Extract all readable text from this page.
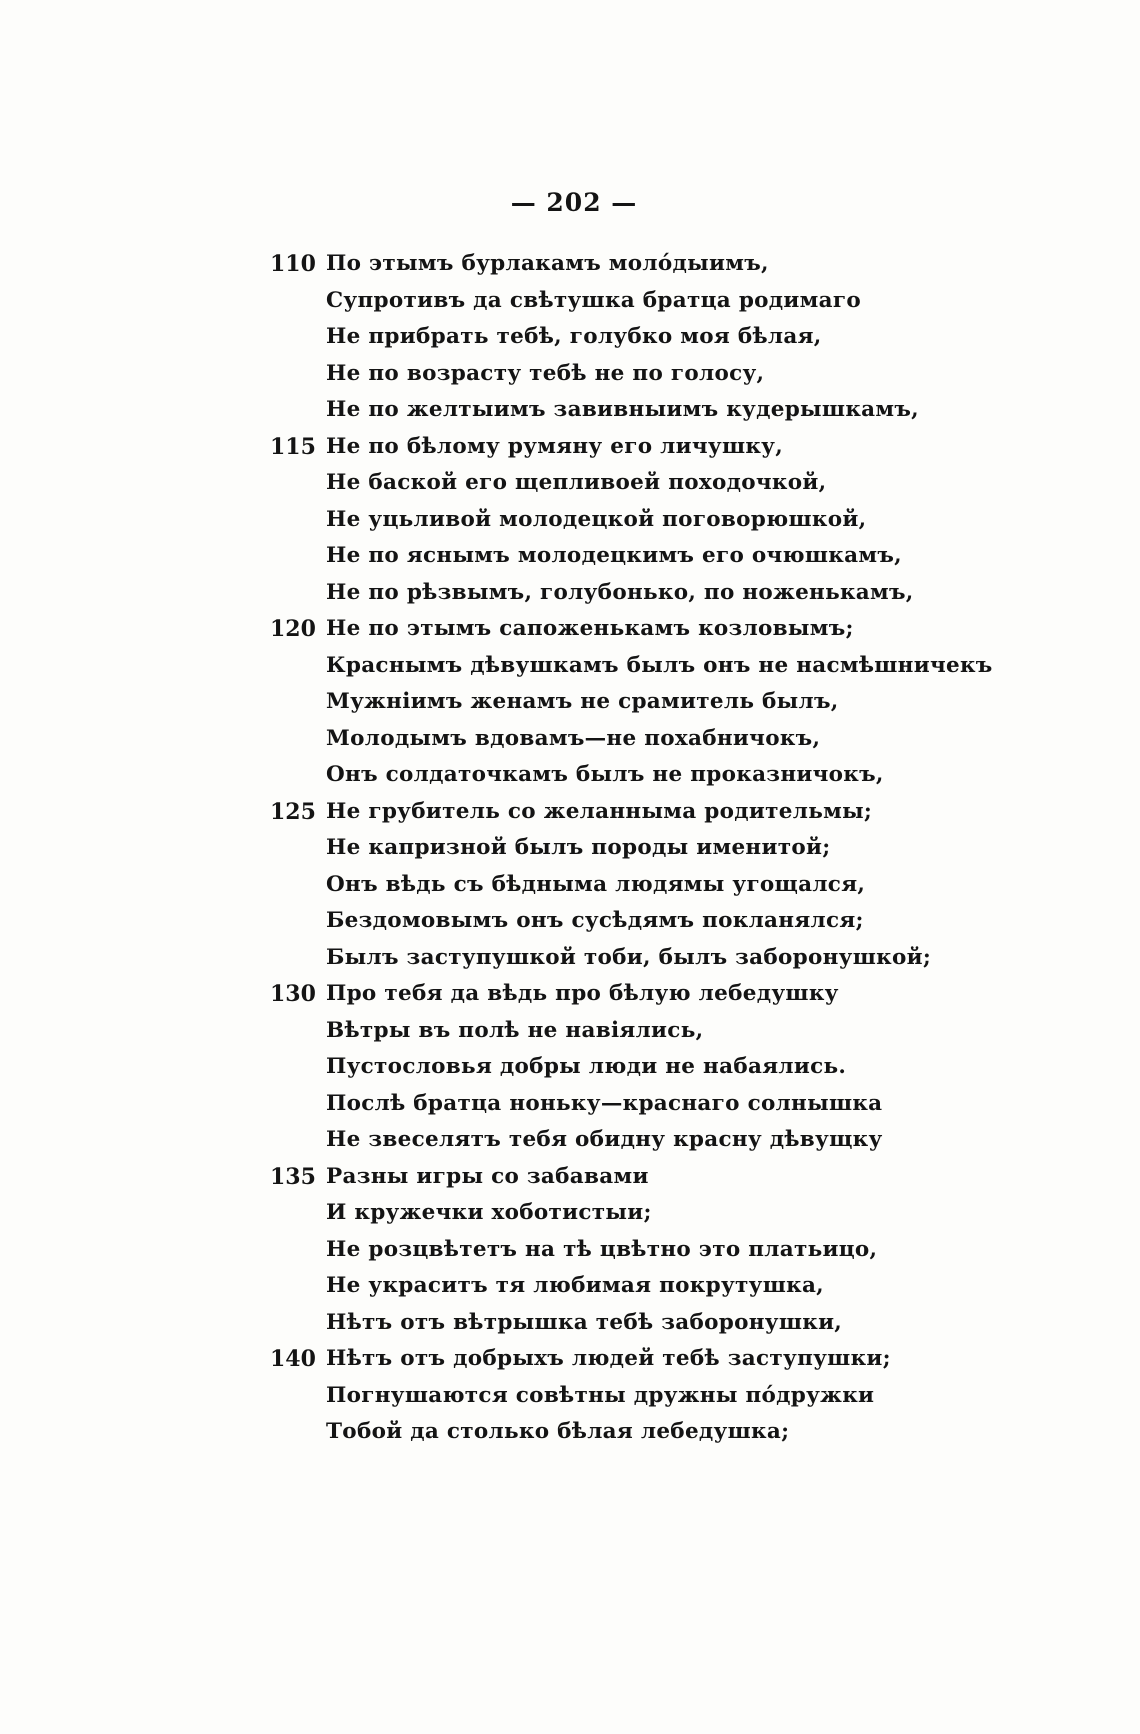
— 202 —
110 По этымъ бурлакамъ молóдыимъ,
Супротивъ да свѣтушка братца родимаго
Не прибрать тебѣ, голубко моя бѣлая,
Не по возрасту тебѣ не по голосу,
Не по желтыимъ завивныимъ кудерышкамъ,
115 Не по бѣлому румяну его личушку,
Не баской его щепливоей походочкой,
Не уцьливой молодецкой поговорюшкой,
Не по яснымъ молодецкимъ его очюшкамъ,
Не по рѣзвымъ, голубонько, по ноженькамъ,
120 Не по этымъ сапоженькамъ козловымъ;
Краснымъ дѣвушкамъ былъ онъ не насмѣшничекъ
Мужніимъ женамъ не срамитель былъ,
Молодымъ вдовамъ—не похабничокъ,
Онъ солдаточкамъ былъ не проказничокъ,
125 Не грубитель со желанныма родительмы;
Не капризной былъ породы именитой;
Онъ вѣдь съ бѣднымa людямы угощался,
Бездомовымъ онъ сусѣдямъ покланялся;
Былъ заступушкой тоби, былъ заборонушкой;
130 Про тебя да вѣдь про бѣлую лебедушку
Вѣтры въ полѣ не навіялись,
Пустословья добры люди не набаялись.
Послѣ братца ноньку—краснаго солнышка
Не звеселятъ тебя обидну красну дѣвущку
135 Разны игры со забавами
И кружечки хоботистыи;
Не розцвѣтетъ на тѣ цвѣтно это платьицо,
Не украситъ тя любимая покрутушка,
Нѣтъ отъ вѣтрышка тебѣ заборонушки,
140 Нѣтъ отъ добрыхъ людей тебѣ заступушки;
Погнушаются совѣтны дружны пóдружки
Тобой да столько бѣлая лебедушка;
